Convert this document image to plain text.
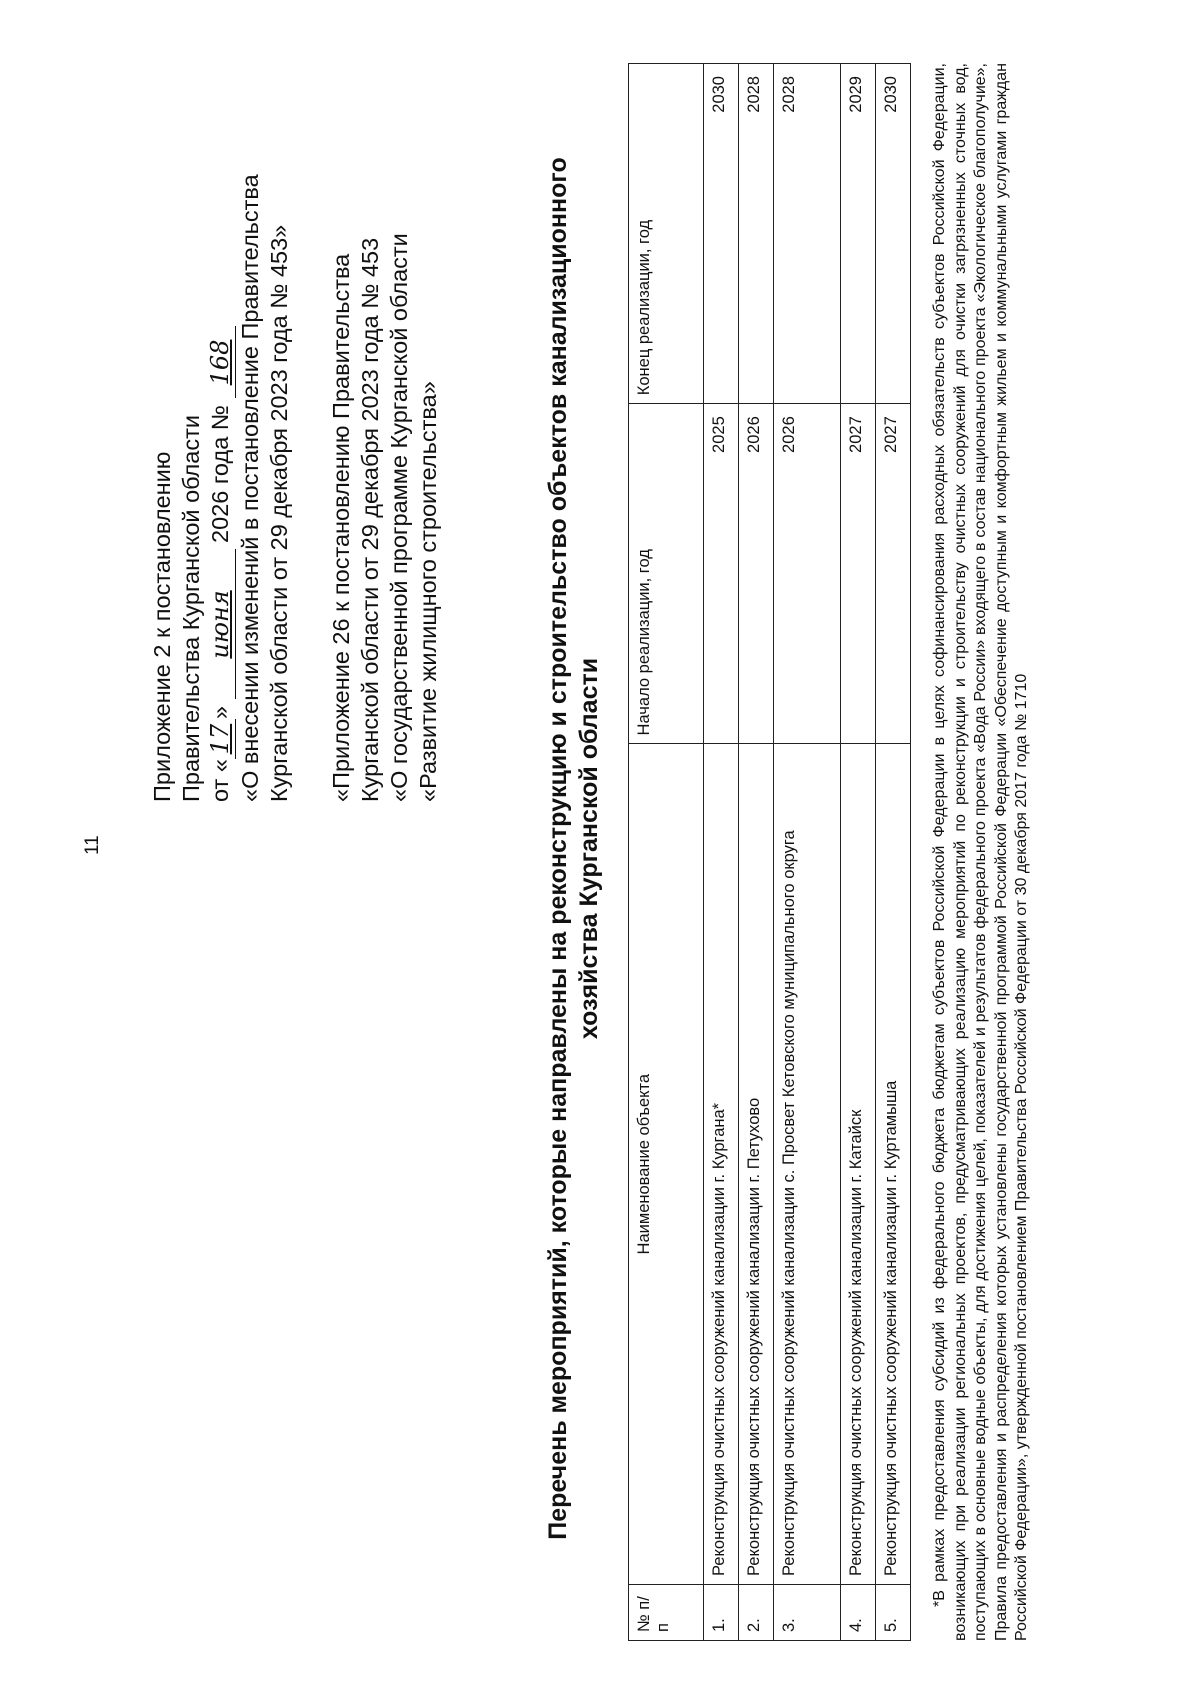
11
Приложение 2 к постановлению Правительства Курганской области от «17» июня 2026 года № 168 «О внесении изменений в постановление Правительства Курганской области от 29 декабря 2023 года № 453» «Приложение 26 к постановлению Правительства Курганской области от 29 декабря 2023 года № 453 «О государственной программе Курганской области «Развитие жилищного строительства»	Перечень мероприятий, которые направлены на реконструкцию и строительство объектов канализационного хозяйства Курганской области
№ п/п	Наименование объекта	Начало реализации, год	Конец реализации, год
1.	Реконструкция очистных сооружений канализации г. Кургана*	2025	2030
2.	Реконструкция очистных сооружений канализации г. Петухово	2026	2028
3.	Реконструкция очистных сооружений канализации с. Просвет Кетовского муниципального округа	2026	2028
4.	Реконструкция очистных сооружений канализации г. Катайск	2027	2029
5.	Реконструкция очистных сооружений канализации г. Куртамыша	2027	2030 *В рамках предоставления субсидий из федерального бюджета бюджетам субъектов Российской Федерации в целях софинансирования расходных обязательств субъектов Российской Федерации, возникающих при реализации региональных проектов, предусматривающих реализацию мероприятий по реконструкции и строительству очистных сооружений для очистки загрязненных сточных вод, поступающих в основные водные объекты, для достижения целей, показателей и результатов федерального проекта «Вода России» входящего в состав национального проекта «Экологическое благополучие», Правила предоставления и распределения которых установлены государственной программой Российской Федерации «Обеспечение доступным и комфортным жильем и коммунальными услугами граждан Российской Федерации», утвержденной постановлением Правительства Российской Федерации от 30 декабря 2017 года № 1710
